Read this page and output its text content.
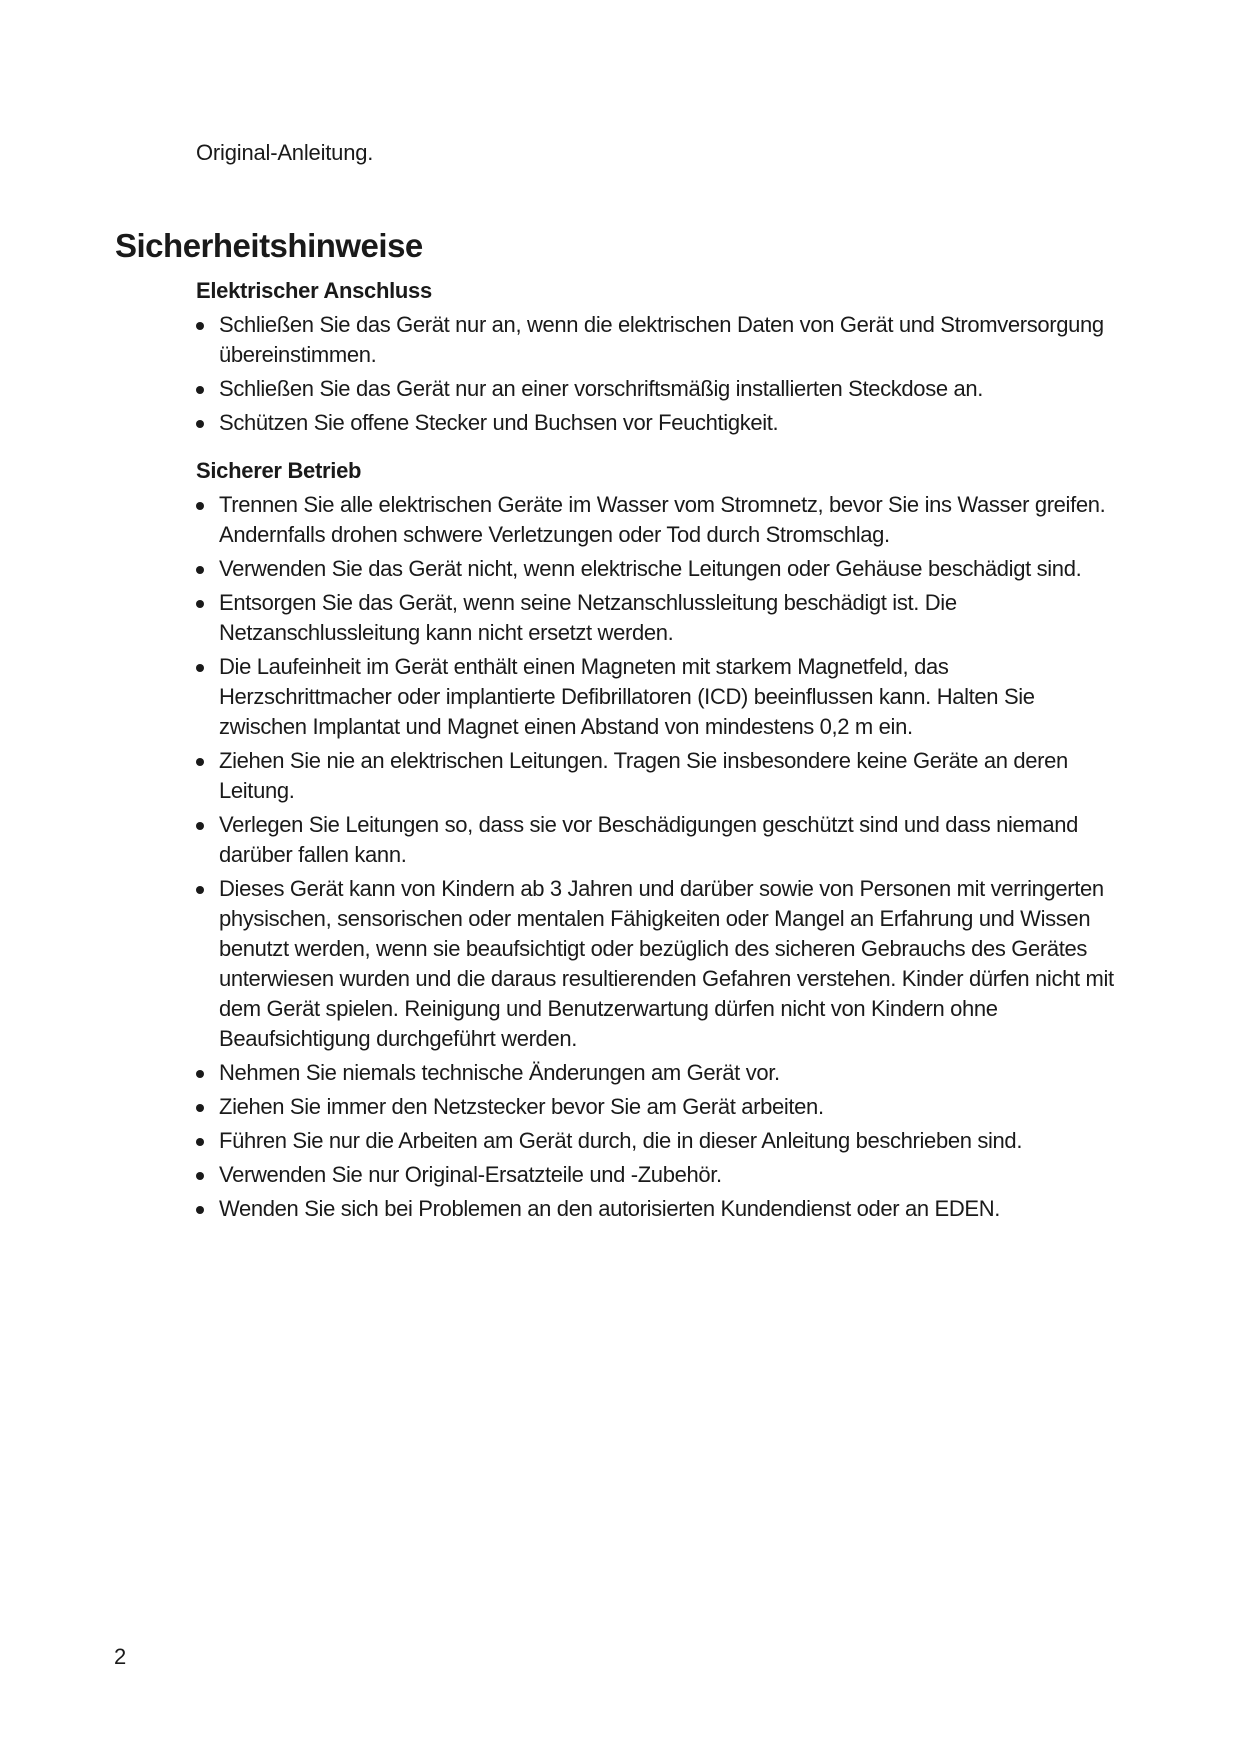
Original-Anleitung.

Sicherheitshinweise
Elektrischer Anschluss
Schließen Sie das Gerät nur an, wenn die elektrischen Daten von Gerät und Stromversorgung übereinstimmen.
Schließen Sie das Gerät nur an einer vorschriftsmäßig installierten Steckdose an.
Schützen Sie offene Stecker und Buchsen vor Feuchtigkeit.
Sicherer Betrieb
Trennen Sie alle elektrischen Geräte im Wasser vom Stromnetz, bevor Sie ins Wasser greifen. Andernfalls drohen schwere Verletzungen oder Tod durch Stromschlag.
Verwenden Sie das Gerät nicht, wenn elektrische Leitungen oder Gehäuse beschädigt sind.
Entsorgen Sie das Gerät, wenn seine Netzanschlussleitung beschädigt ist. Die Netzanschlussleitung kann nicht ersetzt werden.
Die Laufeinheit im Gerät enthält einen Magneten mit starkem Magnetfeld, das Herzschrittmacher oder implantierte Defibrillatoren (ICD) beeinflussen kann. Halten Sie zwischen Implantat und Magnet einen Abstand von mindestens 0,2 m ein.
Ziehen Sie nie an elektrischen Leitungen. Tragen Sie insbesondere keine Geräte an deren Leitung.
Verlegen Sie Leitungen so, dass sie vor Beschädigungen geschützt sind und dass niemand darüber fallen kann.
Dieses Gerät kann von Kindern ab 3 Jahren und darüber sowie von Personen mit verringerten physischen, sensorischen oder mentalen Fähigkeiten oder Mangel an Erfahrung und Wissen benutzt werden, wenn sie beaufsichtigt oder bezüglich des sicheren Gebrauchs des Gerätes unterwiesen wurden und die daraus resultierenden Gefahren verstehen. Kinder dürfen nicht mit dem Gerät spielen. Reinigung und Benutzerwartung dürfen nicht von Kindern ohne Beaufsichtigung durchgeführt werden.
Nehmen Sie niemals technische Änderungen am Gerät vor.
Ziehen Sie immer den Netzstecker bevor Sie am Gerät arbeiten.
Führen Sie nur die Arbeiten am Gerät durch, die in dieser Anleitung beschrieben sind.
Verwenden Sie nur Original-Ersatzteile und -Zubehör.
Wenden Sie sich bei Problemen an den autorisierten Kundendienst oder an EDEN.

2
